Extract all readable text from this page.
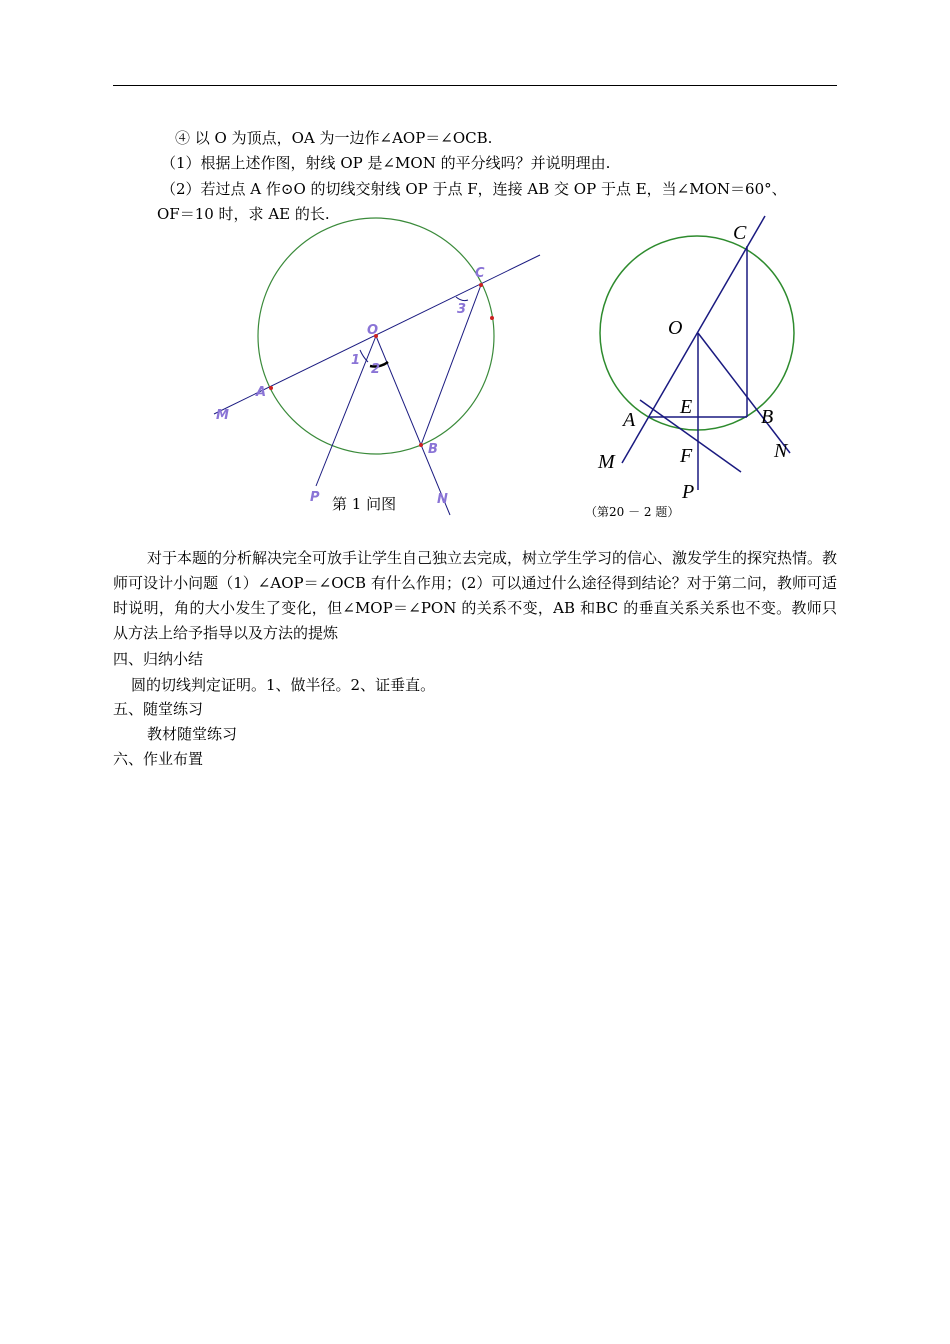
④ 以 O 为顶点，OA 为一边作∠AOP＝∠OCB.
（1）根据上述作图，射线 OP 是∠MON 的平分线吗？并说明理由.
（2）若过点 A 作⊙O 的切线交射线 OP 于点 F，连接 AB 交 OP 于点 E，当∠MON＝60°、
OF＝10 时，求 AE 的长.
M
A
O
C
B
P	N
1
2
3
第 1 问图
C
O
E
A	B
M	F	N
P
（第20 － 2 题）
对于本题的分析解决完全可放手让学生自己独立去完成，树立学生学习的信心、激发学生的探究热情。教师可设计小问题（1）∠AOP＝∠OCB 有什么作用；(2）可以通过什么途径得到结论？对于第二问，教师可适时说明，角的大小发生了变化，但∠MOP＝∠PON 的关系不变，AB 和BC 的垂直关系关系也不变。教师只从方法上给予指导以及方法的提炼
四、归纳小结
圆的切线判定证明。1、做半径。2、证垂直。
五、随堂练习
教材随堂练习
六、作业布置
